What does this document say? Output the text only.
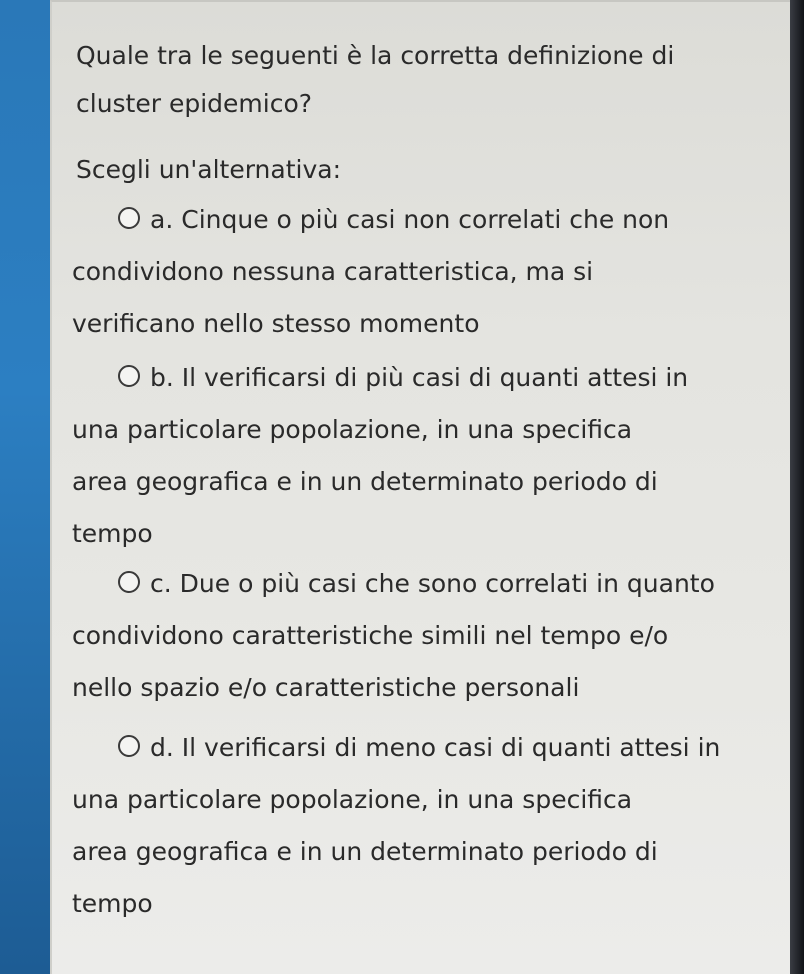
Quale tra le seguenti è la corretta definizione di
cluster epidemico?
Scegli un'alternativa:
a. Cinque o più casi non correlati che non
condividono nessuna caratteristica, ma si
verificano nello stesso momento
b. Il verificarsi di più casi di quanti attesi in
una particolare popolazione, in una specifica
area geografica e in un determinato periodo di
tempo
c. Due o più casi che sono correlati in quanto
condividono caratteristiche simili nel tempo e/o
nello spazio e/o caratteristiche personali
d. Il verificarsi di meno casi di quanti attesi in
una particolare popolazione, in una specifica
area geografica e in un determinato periodo di
tempo
